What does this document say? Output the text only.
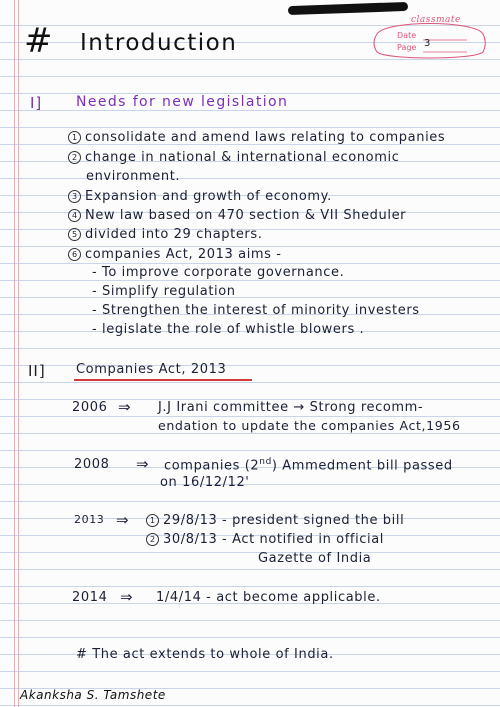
classmate
Date
Page 3
# Introduction
I] Needs for new legislation
1 consolidate and amend laws relating to companies
2 change in national & international economic
environment.
3 Expansion and growth of economy.
4 New law based on 470 section & VII Sheduler
5 divided into 29 chapters.
6 companies Act, 2013 aims -
- To improve corporate governance.
- Simplify regulation
- Strengthen the interest of minority investers
- legislate the role of whistle blowers .
II] Companies Act, 2013
2006 ⇒ J.J Irani committee → Strong recomm-
endation to update the companies Act,1956
2008 ⇒ companies (2nd) Ammedment bill passed
on 16/12/12'
2013 ⇒	1 29/8/13 - president signed the bill
2 30/8/13 - Act notified in official
Gazette of India
2014 ⇒ 1/4/14 - act become applicable.
# The act extends to whole of India.
Akanksha S. Tamshete
